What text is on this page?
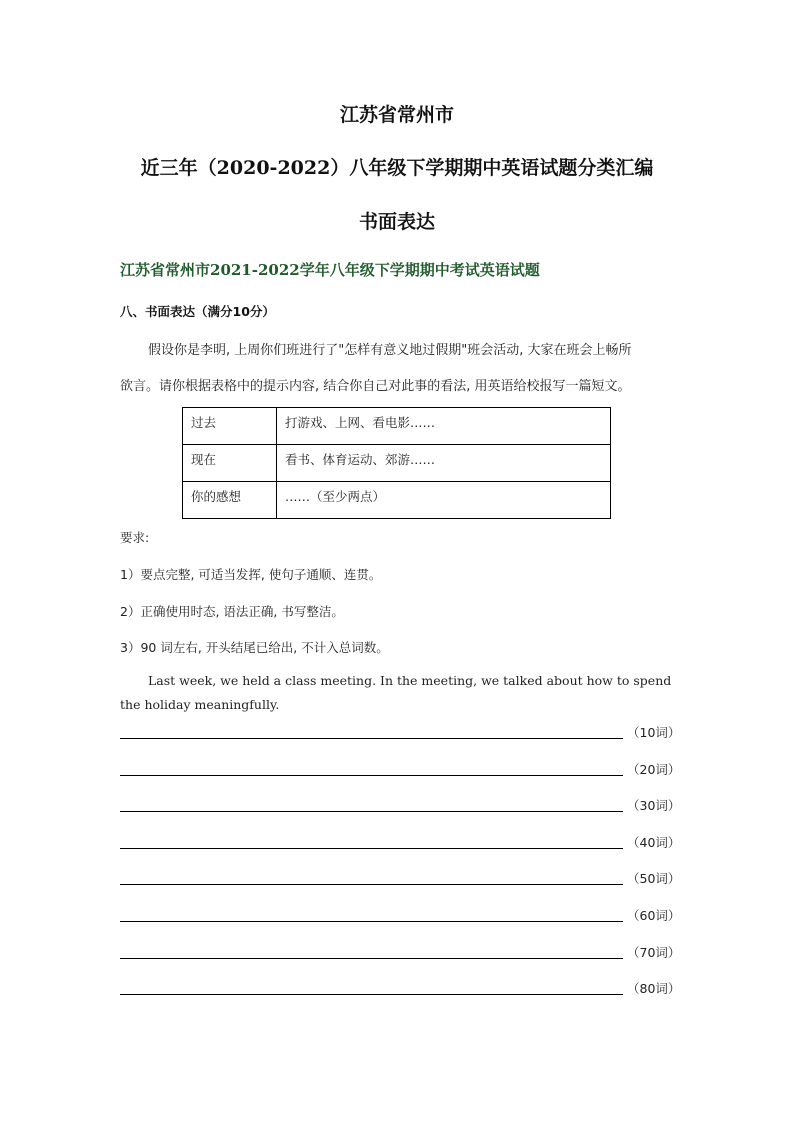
江苏省常州市
近三年（2020-2022）八年级下学期期中英语试题分类汇编
书面表达
江苏省常州市2021-2022学年八年级下学期期中考试英语试题
八、书面表达（满分10分）
假设你是李明, 上周你们班进行了"怎样有意义地过假期"班会活动, 大家在班会上畅所
欲言。请你根据表格中的提示内容, 结合你自己对此事的看法, 用英语给校报写一篇短文。
过去	打游戏、上网、看电影……
现在	看书、体育运动、郊游……
你的感想	……（至少两点）
要求:
1）要点完整, 可适当发挥, 使句子通顺、连贯。
2）正确使用时态, 语法正确, 书写整洁。
3）90 词左右, 开头结尾已给出, 不计入总词数。
Last week, we held a class meeting. In the meeting, we talked about how to spend the holiday meaningfully.
（10词）
（20词）
（30词）
（40词）
（50词）
（60词）
（70词）
（80词）
